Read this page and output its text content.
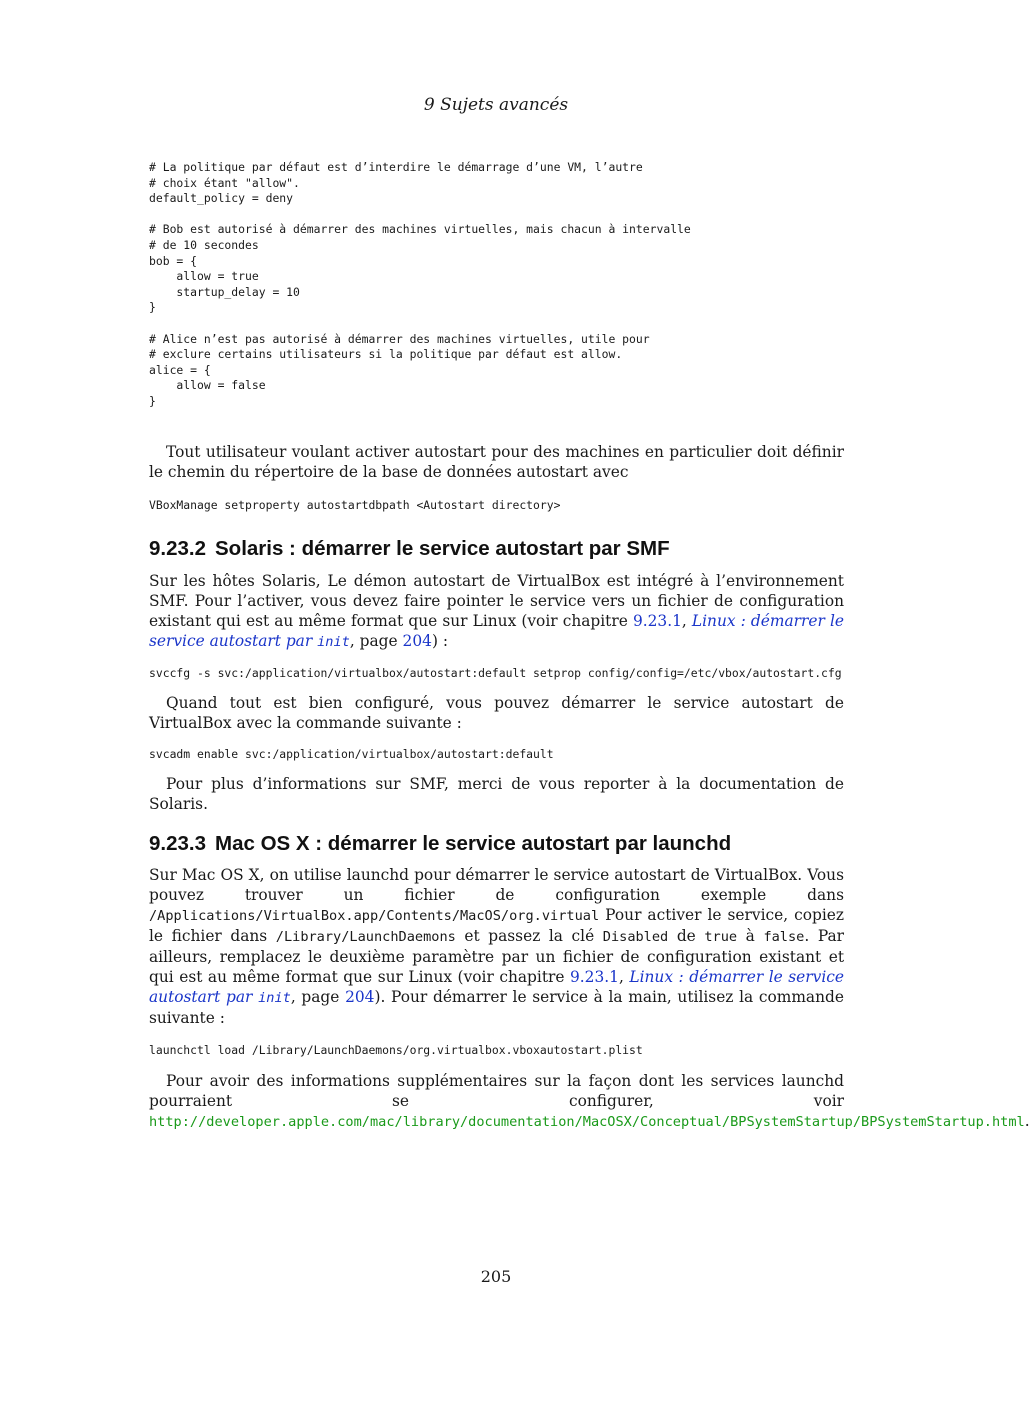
9 Sujets avancés
# La politique par défaut est d’interdire le démarrage d’une VM, l’autre
# choix étant "allow".
default_policy = deny

# Bob est autorisé à démarrer des machines virtuelles, mais chacun à intervalle
# de 10 secondes
bob = {
allow = true
startup_delay = 10
}

# Alice n’est pas autorisé à démarrer des machines virtuelles, utile pour
# exclure certains utilisateurs si la politique par défaut est allow.
alice = {
allow = false
}

Tout utilisateur voulant activer autostart pour des machines en particulier doit définir le chemin du répertoire de la base de données autostart avec

VBoxManage setproperty autostartdbpath <Autostart directory>
9.23.2 Solaris : démarrer le service autostart par SMF

Sur les hôtes Solaris, Le démon autostart de VirtualBox est intégré à l’environnement SMF. Pour l’activer, vous devez faire pointer le service vers un fichier de configuration existant qui est au même format que sur Linux (voir chapitre 9.23.1, Linux : démarrer le service autostart par init, page 204) :

svccfg -s svc:/application/virtualbox/autostart:default setprop config/config=/etc/vbox/autostart.cfg

Quand tout est bien configuré, vous pouvez démarrer le service autostart de VirtualBox avec la commande suivante :

svcadm enable svc:/application/virtualbox/autostart:default

Pour plus d’informations sur SMF, merci de vous reporter à la documentation de Solaris.

9.23.3 Mac OS X : démarrer le service autostart par launchd

Sur Mac OS X, on utilise launchd pour démarrer le service autostart de VirtualBox. Vous pouvez trouver un fichier de configuration exemple dans /Applications/VirtualBox.app/Contents/MacOS/org.virtual Pour activer le service, copiez le fichier dans /Library/LaunchDaemons et passez la clé Disabled de true à false. Par ailleurs, remplacez le deuxième paramètre par un fichier de configuration existant et qui est au même format que sur Linux (voir chapitre 9.23.1, Linux : démarrer le service autostart par init, page 204). Pour démarrer le service à la main, utilisez la commande suivante :

launchctl load /Library/LaunchDaemons/org.virtualbox.vboxautostart.plist

Pour avoir des informations supplémentaires sur la façon dont les services launchd pourraient se configurer, voir http://developer.apple.com/mac/library/documentation/MacOSX/Conceptual/BPSystemStartup/BPSystemStartup.html.

205
